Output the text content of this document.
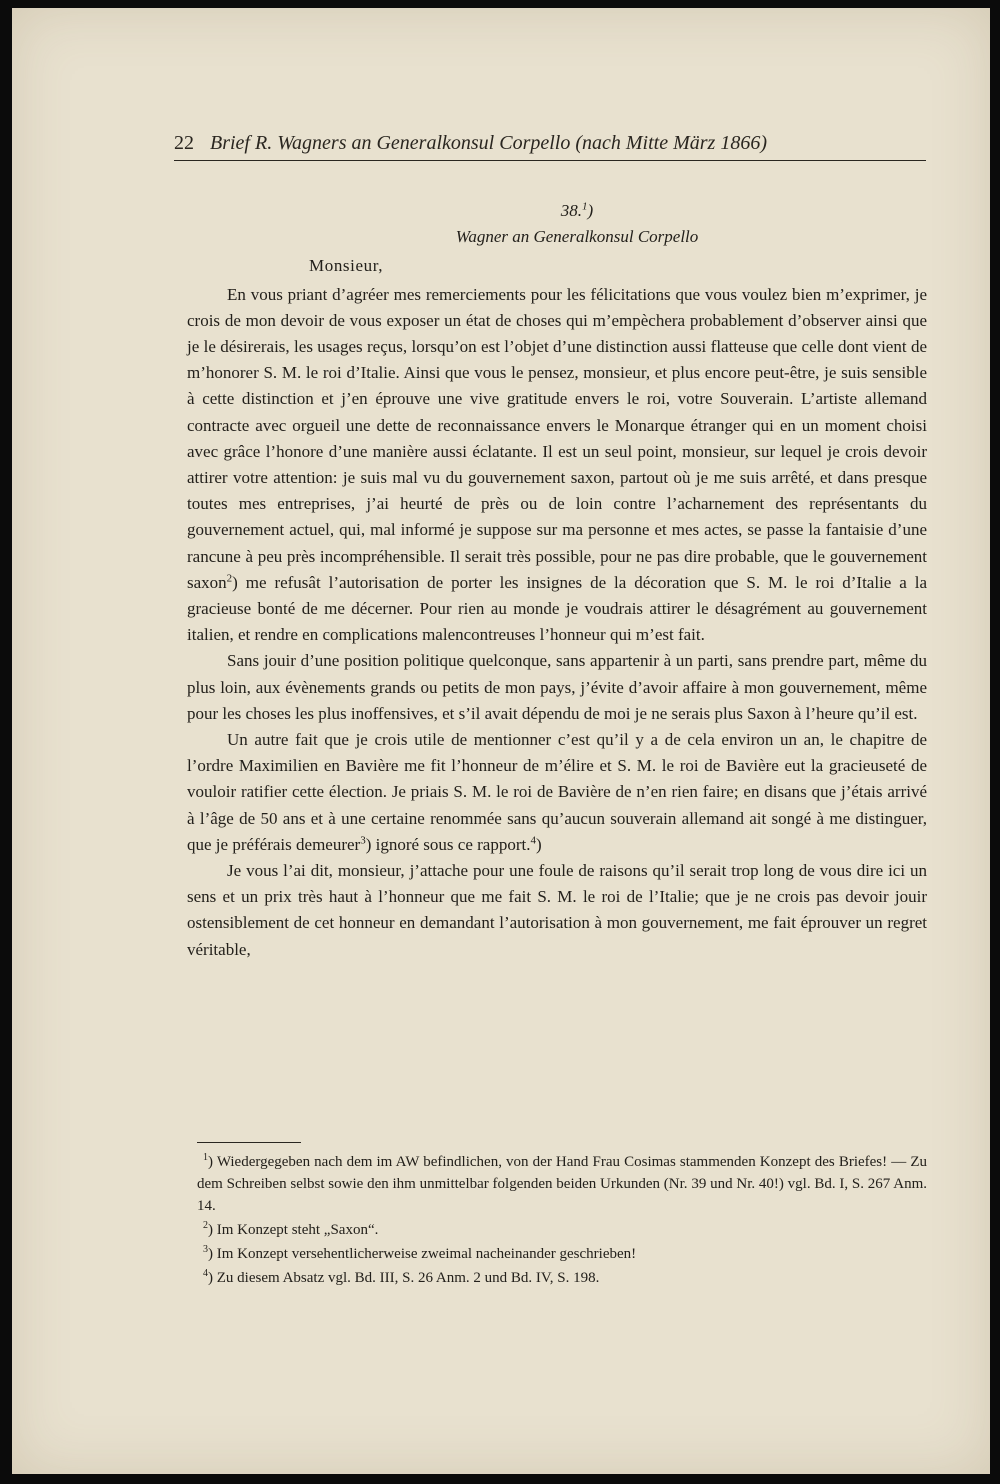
22 Brief R. Wagners an Generalkonsul Corpello (nach Mitte März 1866)
38.$^1$)
Wagner an Generalkonsul Corpello
Monsieur,

En vous priant d’agréer mes remerciements pour les félicitations que vous voulez bien m’exprimer, je crois de mon devoir de vous exposer un état de choses qui m’empèchera probablement d’observer ainsi que je le désirerais, les usages reçus, lorsqu’on est l’objet d’une distinction aussi flatteuse que celle dont vient de m’honorer S. M. le roi d’Italie. Ainsi que vous le pensez, monsieur, et plus encore peut-être, je suis sensible à cette distinction et j’en éprouve une vive gratitude envers le roi, votre Souverain. L’artiste allemand contracte avec orgueil une dette de reconnaissance envers le Monarque étranger qui en un moment choisi avec grâce l’honore d’une manière aussi éclatante. Il est un seul point, monsieur, sur lequel je crois devoir attirer votre attention: je suis mal vu du gouvernement saxon, partout où je me suis arrêté, et dans presque toutes mes entreprises, j’ai heurté de près ou de loin contre l’acharnement des représentants du gouvernement actuel, qui, mal informé je suppose sur ma personne et mes actes, se passe la fantaisie d’une rancune à peu près incompréhensible. Il serait très possible, pour ne pas dire probable, que le gouvernement saxon$^2$) me refusât l’autorisation de porter les insignes de la décoration que S. M. le roi d’Italie a la gracieuse bonté de me décerner. Pour rien au monde je voudrais attirer le désagrément au gouvernement italien, et rendre en complications malencontreuses l’honneur qui m’est fait.

Sans jouir d’une position politique quelconque, sans appartenir à un parti, sans prendre part, même du plus loin, aux évènements grands ou petits de mon pays, j’évite d’avoir affaire à mon gouvernement, même pour les choses les plus inoffensives, et s’il avait dépendu de moi je ne serais plus Saxon à l’heure qu’il est.

Un autre fait que je crois utile de mentionner c’est qu’il y a de cela environ un an, le chapitre de l’ordre Maximilien en Bavière me fit l’honneur de m’élire et S. M. le roi de Bavière eut la gracieuseté de vouloir ratifier cette élection. Je priais S. M. le roi de Bavière de n’en rien faire; en disans que j’étais arrivé à l’âge de 50 ans et à une certaine renommée sans qu’aucun souverain allemand ait songé à me distinguer, que je préférais demeurer$^3$) ignoré sous ce rapport.$^4$)

Je vous l’ai dit, monsieur, j’attache pour une foule de raisons qu’il serait trop long de vous dire ici un sens et un prix très haut à l’honneur que me fait S. M. le roi de l’Italie; que je ne crois pas devoir jouir ostensiblement de cet honneur en demandant l’autorisation à mon gouvernement, me fait éprouver un regret véritable,

$^1$) Wiedergegeben nach dem im AW befindlichen, von der Hand Frau Cosimas stammenden Konzept des Briefes! — Zu dem Schreiben selbst sowie den ihm unmittelbar folgenden beiden Urkunden (Nr. 39 und Nr. 40!) vgl. Bd. I, S. 267 Anm. 14.

$^2$) Im Konzept steht „Saxon“.

$^3$) Im Konzept versehentlicherweise zweimal nacheinander geschrieben!

$^4$) Zu diesem Absatz vgl. Bd. III, S. 26 Anm. 2 und Bd. IV, S. 198.
